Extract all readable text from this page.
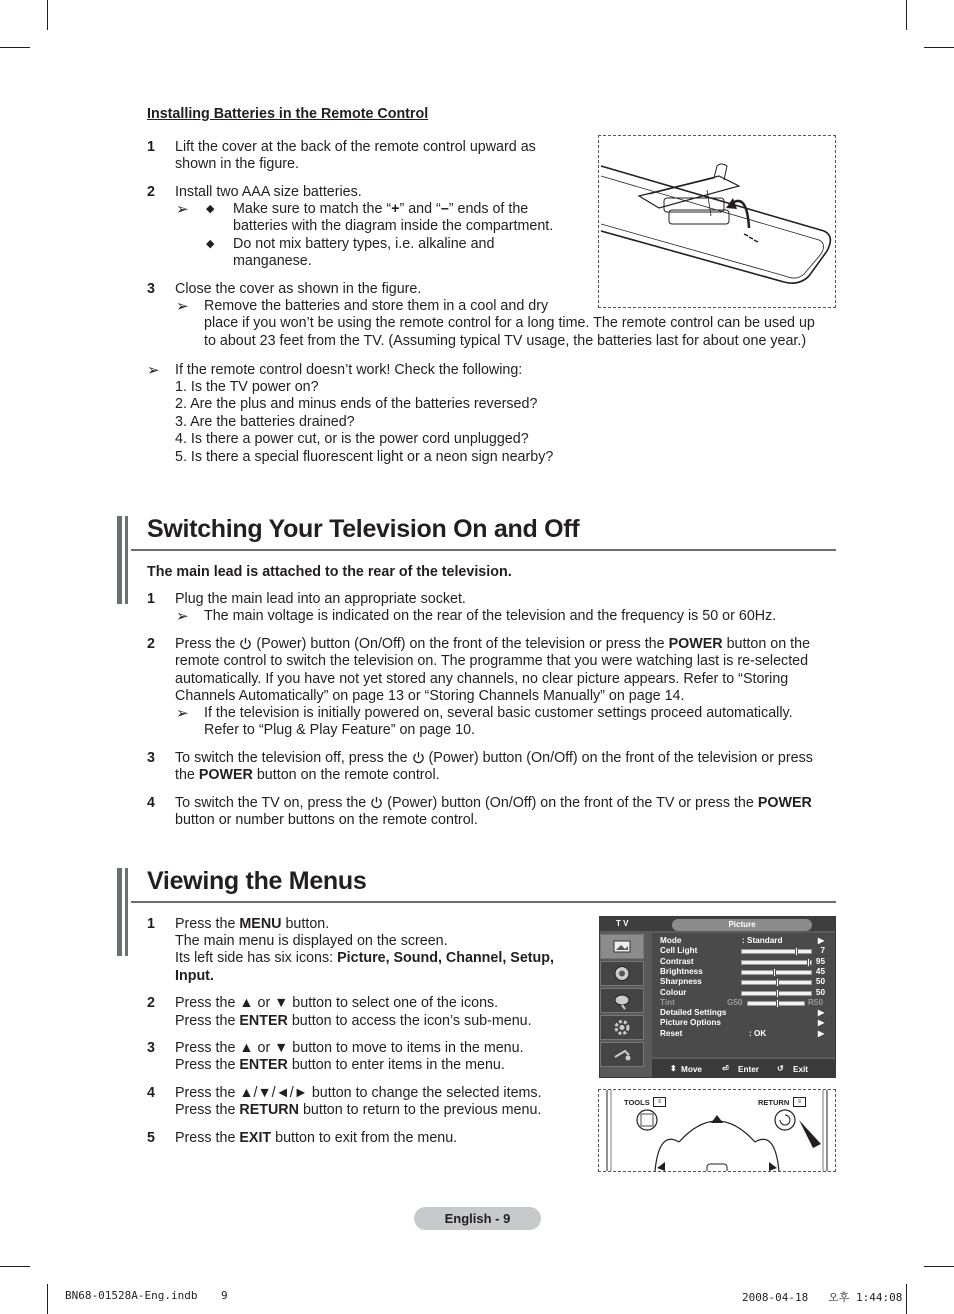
Installing Batteries in the Remote Control
1 Lift the cover at the back of the remote control upward as
shown in the figure.
2 Install two AAA size batteries.
➢ ◆ Make sure to match the “+” and “–” ends of the
batteries with the diagram inside the compartment.
◆ Do not mix battery types, i.e. alkaline and
manganese.
3 Close the cover as shown in the figure.
➢ Remove the batteries and store them in a cool and dry
place if you won’t be using the remote control for a long time. The remote control can be used up
to about 23 feet from the TV. (Assuming typical TV usage, the batteries last for about one year.)
➢ If the remote control doesn’t work! Check the following:
1. Is the TV power on?
2. Are the plus and minus ends of the batteries reversed?
3. Are the batteries drained?
4. Is there a power cut, or is the power cord unplugged?
5. Is there a special fluorescent light or a neon sign nearby?
Switching Your Television On and Off
The main lead is attached to the rear of the television.
1 Plug the main lead into an appropriate socket.
➢ The main voltage is indicated on the rear of the television and the frequency is 50 or 60Hz.
2 Press the (Power) button (On/Off) on the front of the television or press the POWER button on the
remote control to switch the television on. The programme that you were watching last is re-selected
automatically. If you have not yet stored any channels, no clear picture appears. Refer to “Storing
Channels Automatically” on page 13 or “Storing Channels Manually” on page 14.
➢ If the television is initially powered on, several basic customer settings proceed automatically.
Refer to “Plug & Play Feature” on page 10.
3 To switch the television off, press the (Power) button (On/Off) on the front of the television or press
the POWER button on the remote control.
4 To switch the TV on, press the (Power) button (On/Off) on the front of the TV or press the POWER
button or number buttons on the remote control.
Viewing the Menus
1 Press the MENU button.
The main menu is displayed on the screen.
Its left side has six icons: Picture, Sound, Channel, Setup,
Input.
2 Press the ▲ or ▼ button to select one of the icons.
Press the ENTER button to access the icon’s sub-menu.
3 Press the ▲ or ▼ button to move to items in the menu.
Press the ENTER button to enter items in the menu.
4 Press the ▲/▼/◄/► button to change the selected items.
Press the RETURN button to return to the previous menu.
5 Press the EXIT button to exit from the menu.
T V	Picture
Mode	: Standard	▶
Cell Light	7
Contrast	95
Brightness	45
Sharpness	50
Colour	50
Tint	G50	R50
Detailed Settings	▶
Picture Options	▶
Reset	: OK	▶
⬍ Move ⏎ Enter ↺ Exit
TOOLS	≡	RETURN	≡
English - 9
BN68-01528A-Eng.indb 9	2008-04-18   오후 1:44:08
